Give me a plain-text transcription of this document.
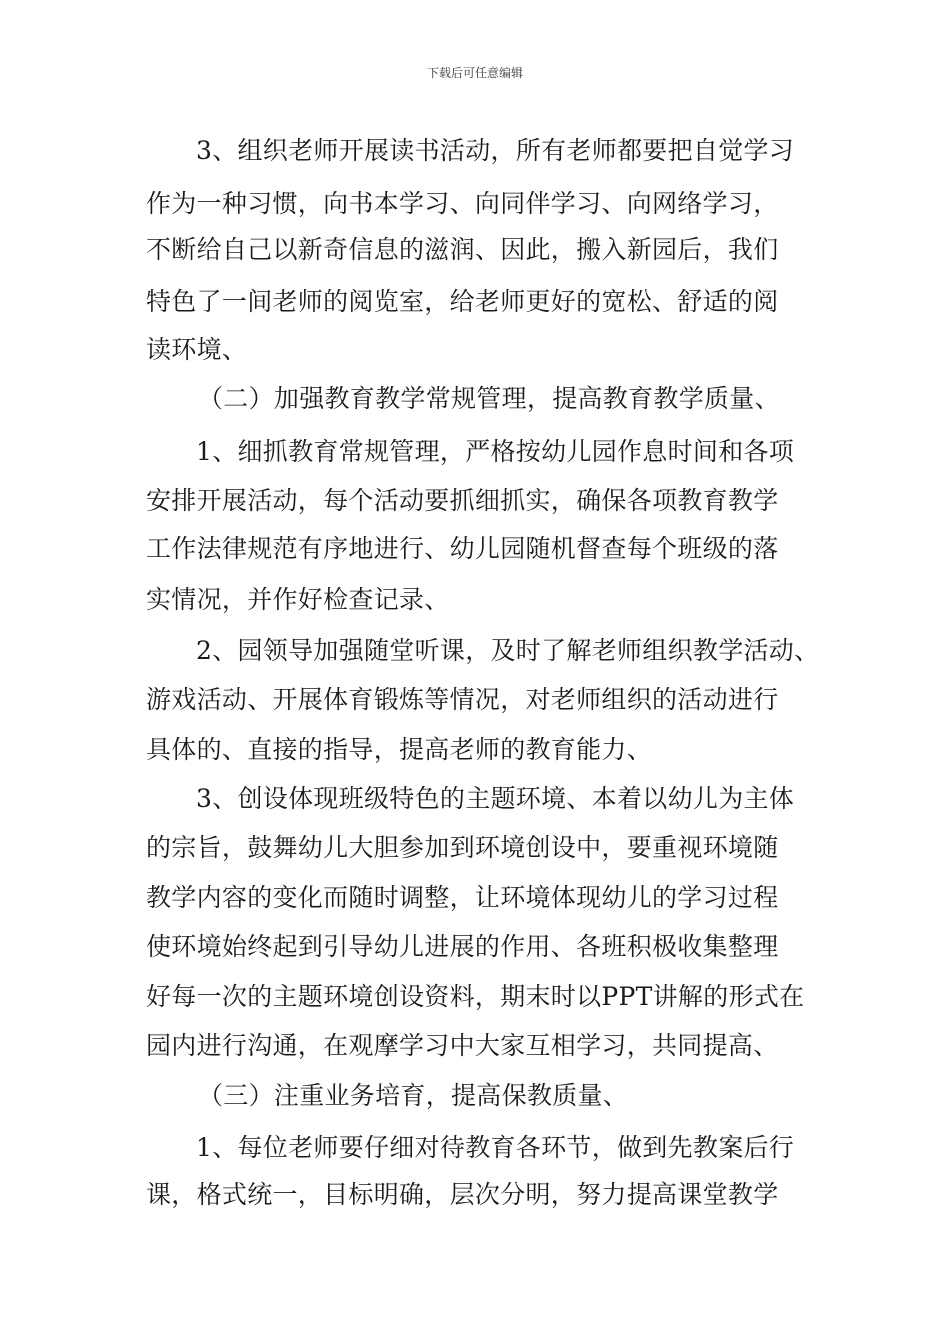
下载后可任意编辑
3、组织老师开展读书活动，所有老师都要把自觉学习
作为一种习惯，向书本学习、向同伴学习、向网络学习，
不断给自己以新奇信息的滋润、因此，搬入新园后，我们
特色了一间老师的阅览室，给老师更好的宽松、舒适的阅
读环境、
（二）加强教育教学常规管理，提高教育教学质量、
1、细抓教育常规管理，严格按幼儿园作息时间和各项
安排开展活动，每个活动要抓细抓实，确保各项教育教学
工作法律规范有序地进行、幼儿园随机督查每个班级的落
实情况，并作好检查记录、
2、园领导加强随堂听课，及时了解老师组织教学活动、
游戏活动、开展体育锻炼等情况，对老师组织的活动进行
具体的、直接的指导，提高老师的教育能力、
3、创设体现班级特色的主题环境、本着以幼儿为主体
的宗旨，鼓舞幼儿大胆参加到环境创设中，要重视环境随
教学内容的变化而随时调整，让环境体现幼儿的学习过程
使环境始终起到引导幼儿进展的作用、各班积极收集整理
好每一次的主题环境创设资料，期末时以PPT讲解的形式在
园内进行沟通，在观摩学习中大家互相学习，共同提高、
（三）注重业务培育，提高保教质量、
1、每位老师要仔细对待教育各环节，做到先教案后行
课，格式统一，目标明确，层次分明，努力提高课堂教学
